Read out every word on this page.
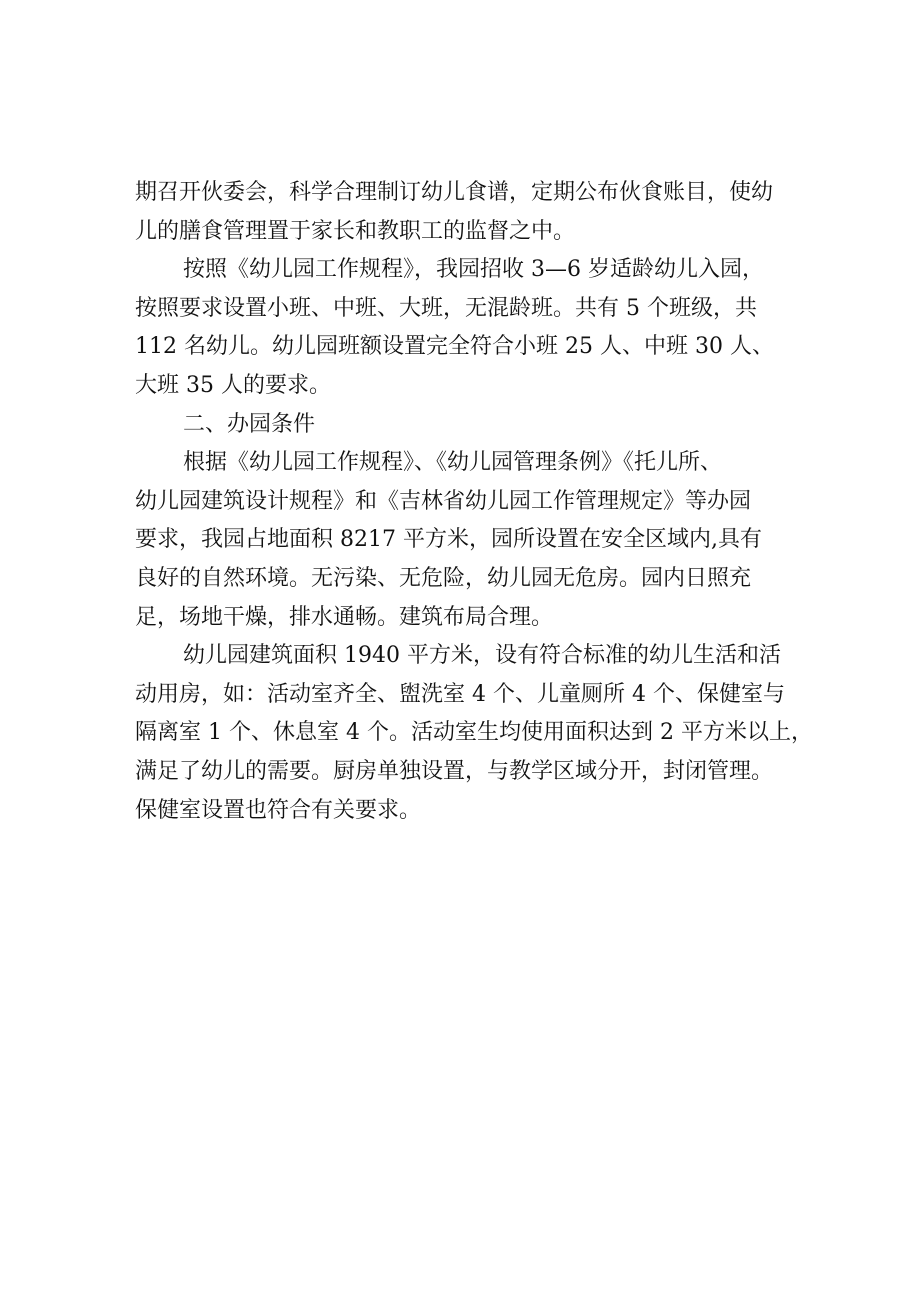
期召开伙委会，科学合理制订幼儿食谱，定期公布伙食账目，使幼
儿的膳食管理置于家长和教职工的监督之中。
按照《幼儿园工作规程》，我园招收 3—6 岁适龄幼儿入园，
按照要求设置小班、中班、大班，无混龄班。共有 5 个班级，共
112 名幼儿。幼儿园班额设置完全符合小班 25 人、中班 30 人、
大班 35 人的要求。
二、办园条件
根据《幼儿园工作规程》、《幼儿园管理条例》《托儿所、
幼儿园建筑设计规程》和《吉林省幼儿园工作管理规定》等办园
要求，我园占地面积 8217 平方米，园所设置在安全区域内,具有
良好的自然环境。无污染、无危险，幼儿园无危房。园内日照充
足，场地干燥，排水通畅。建筑布局合理。
幼儿园建筑面积 1940 平方米，设有符合标准的幼儿生活和活
动用房，如：活动室齐全、盥洗室 4 个、儿童厕所 4 个、保健室与
隔离室 1 个、休息室 4 个。活动室生均使用面积达到 2 平方米以上，
满足了幼儿的需要。厨房单独设置，与教学区域分开，封闭管理。
保健室设置也符合有关要求。
